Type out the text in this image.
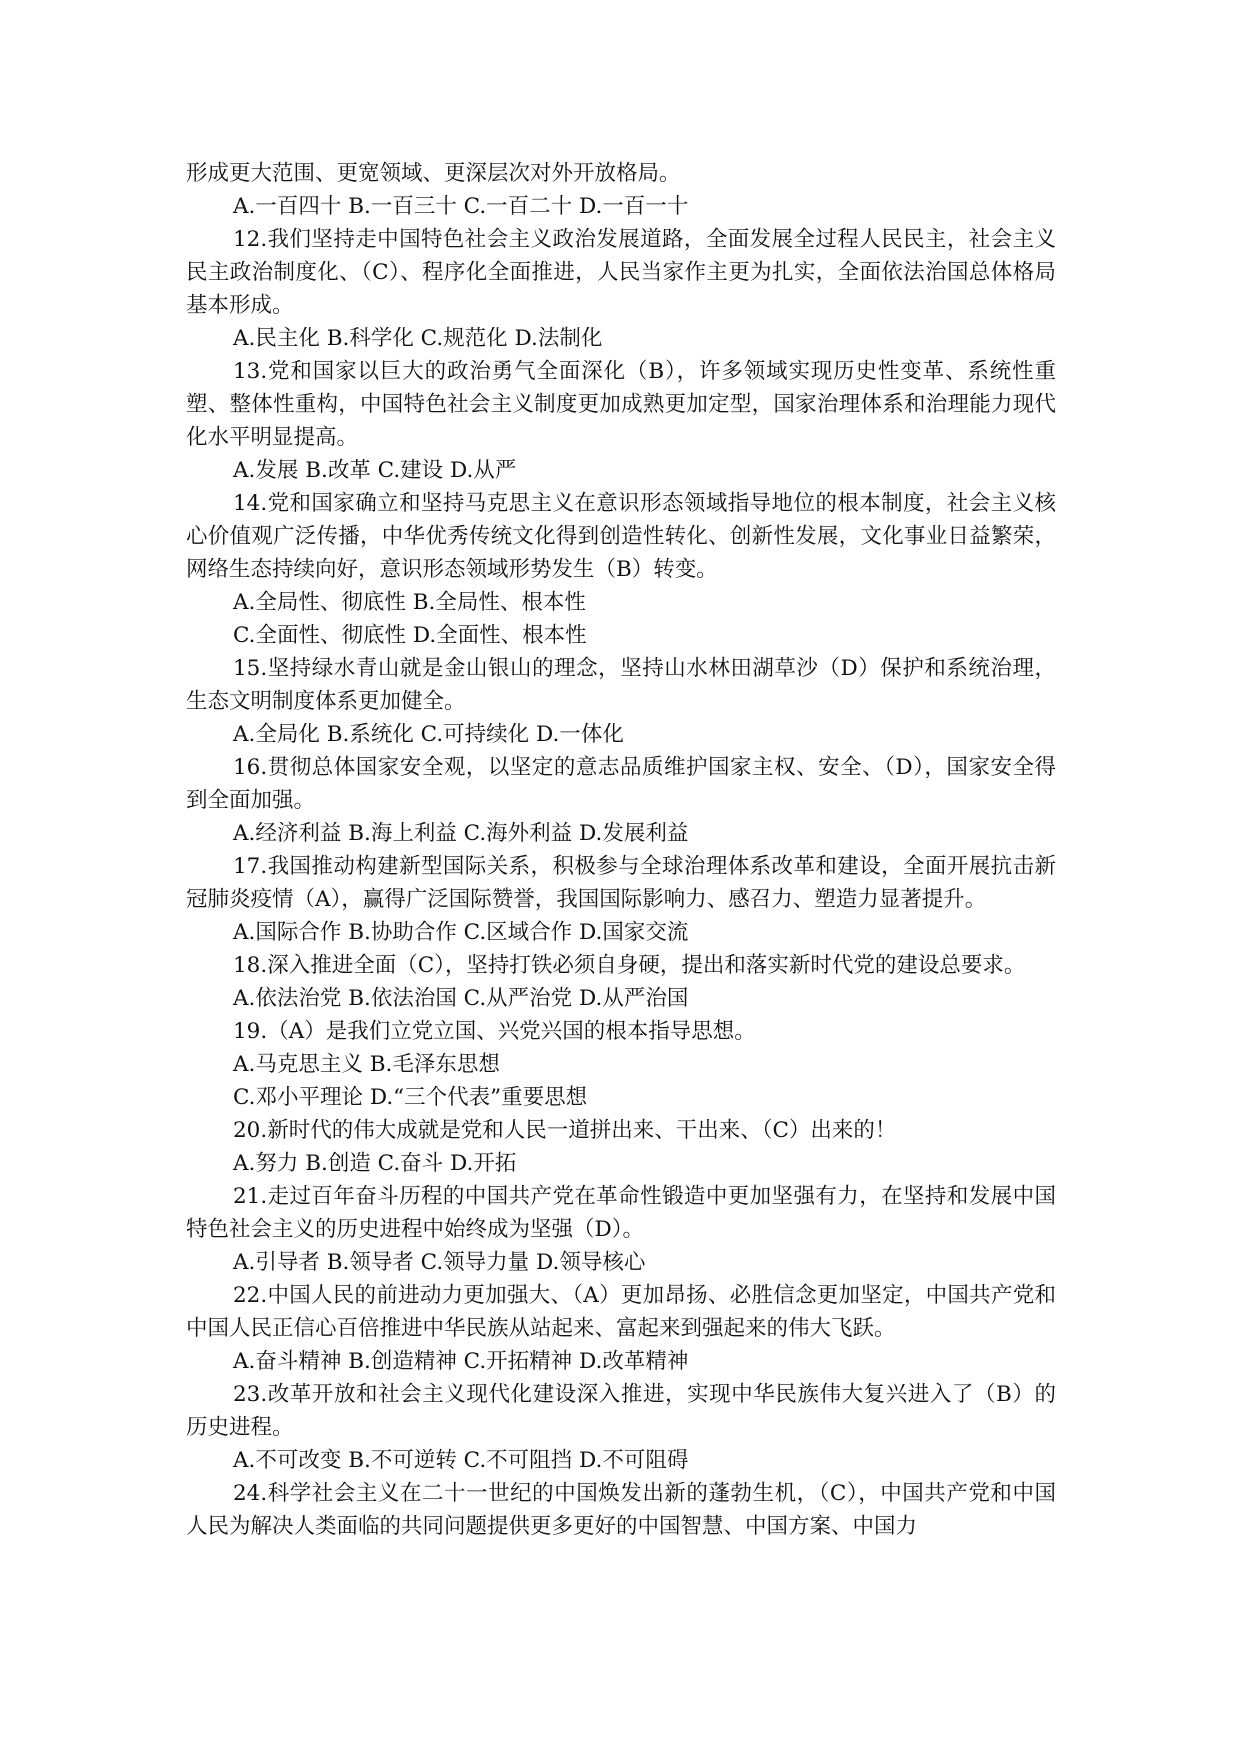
形成更大范围、更宽领域、更深层次对外开放格局。
A.一百四十 B.一百三十 C.一百二十 D.一百一十
12.我们坚持走中国特色社会主义政治发展道路，全面发展全过程人民民主，社会主义民主政治制度化、（C）、程序化全面推进，人民当家作主更为扎实，全面依法治国总体格局基本形成。
A.民主化 B.科学化 C.规范化 D.法制化
13.党和国家以巨大的政治勇气全面深化（B），许多领域实现历史性变革、系统性重塑、整体性重构，中国特色社会主义制度更加成熟更加定型，国家治理体系和治理能力现代化水平明显提高。
A.发展 B.改革 C.建设 D.从严
14.党和国家确立和坚持马克思主义在意识形态领域指导地位的根本制度，社会主义核心价值观广泛传播，中华优秀传统文化得到创造性转化、创新性发展，文化事业日益繁荣，网络生态持续向好，意识形态领域形势发生（B）转变。
A.全局性、彻底性 B.全局性、根本性
C.全面性、彻底性 D.全面性、根本性
15.坚持绿水青山就是金山银山的理念，坚持山水林田湖草沙（D）保护和系统治理，生态文明制度体系更加健全。
A.全局化 B.系统化 C.可持续化 D.一体化
16.贯彻总体国家安全观，以坚定的意志品质维护国家主权、安全、（D），国家安全得到全面加强。
A.经济利益 B.海上利益 C.海外利益 D.发展利益
17.我国推动构建新型国际关系，积极参与全球治理体系改革和建设，全面开展抗击新冠肺炎疫情（A），赢得广泛国际赞誉，我国国际影响力、感召力、塑造力显著提升。
A.国际合作 B.协助合作 C.区域合作 D.国家交流
18.深入推进全面（C），坚持打铁必须自身硬，提出和落实新时代党的建设总要求。
A.依法治党 B.依法治国 C.从严治党 D.从严治国
19.（A）是我们立党立国、兴党兴国的根本指导思想。
A.马克思主义 B.毛泽东思想
C.邓小平理论 D.“三个代表”重要思想
20.新时代的伟大成就是党和人民一道拼出来、干出来、（C）出来的！
A.努力 B.创造 C.奋斗 D.开拓
21.走过百年奋斗历程的中国共产党在革命性锻造中更加坚强有力，在坚持和发展中国特色社会主义的历史进程中始终成为坚强（D）。
A.引导者 B.领导者 C.领导力量 D.领导核心
22.中国人民的前进动力更加强大、（A）更加昂扬、必胜信念更加坚定，中国共产党和中国人民正信心百倍推进中华民族从站起来、富起来到强起来的伟大飞跃。
A.奋斗精神 B.创造精神 C.开拓精神 D.改革精神
23.改革开放和社会主义现代化建设深入推进，实现中华民族伟大复兴进入了（B）的历史进程。
A.不可改变 B.不可逆转 C.不可阻挡 D.不可阻碍
24.科学社会主义在二十一世纪的中国焕发出新的蓬勃生机，（C），中国共产党和中国人民为解决人类面临的共同问题提供更多更好的中国智慧、中国方案、中国力
